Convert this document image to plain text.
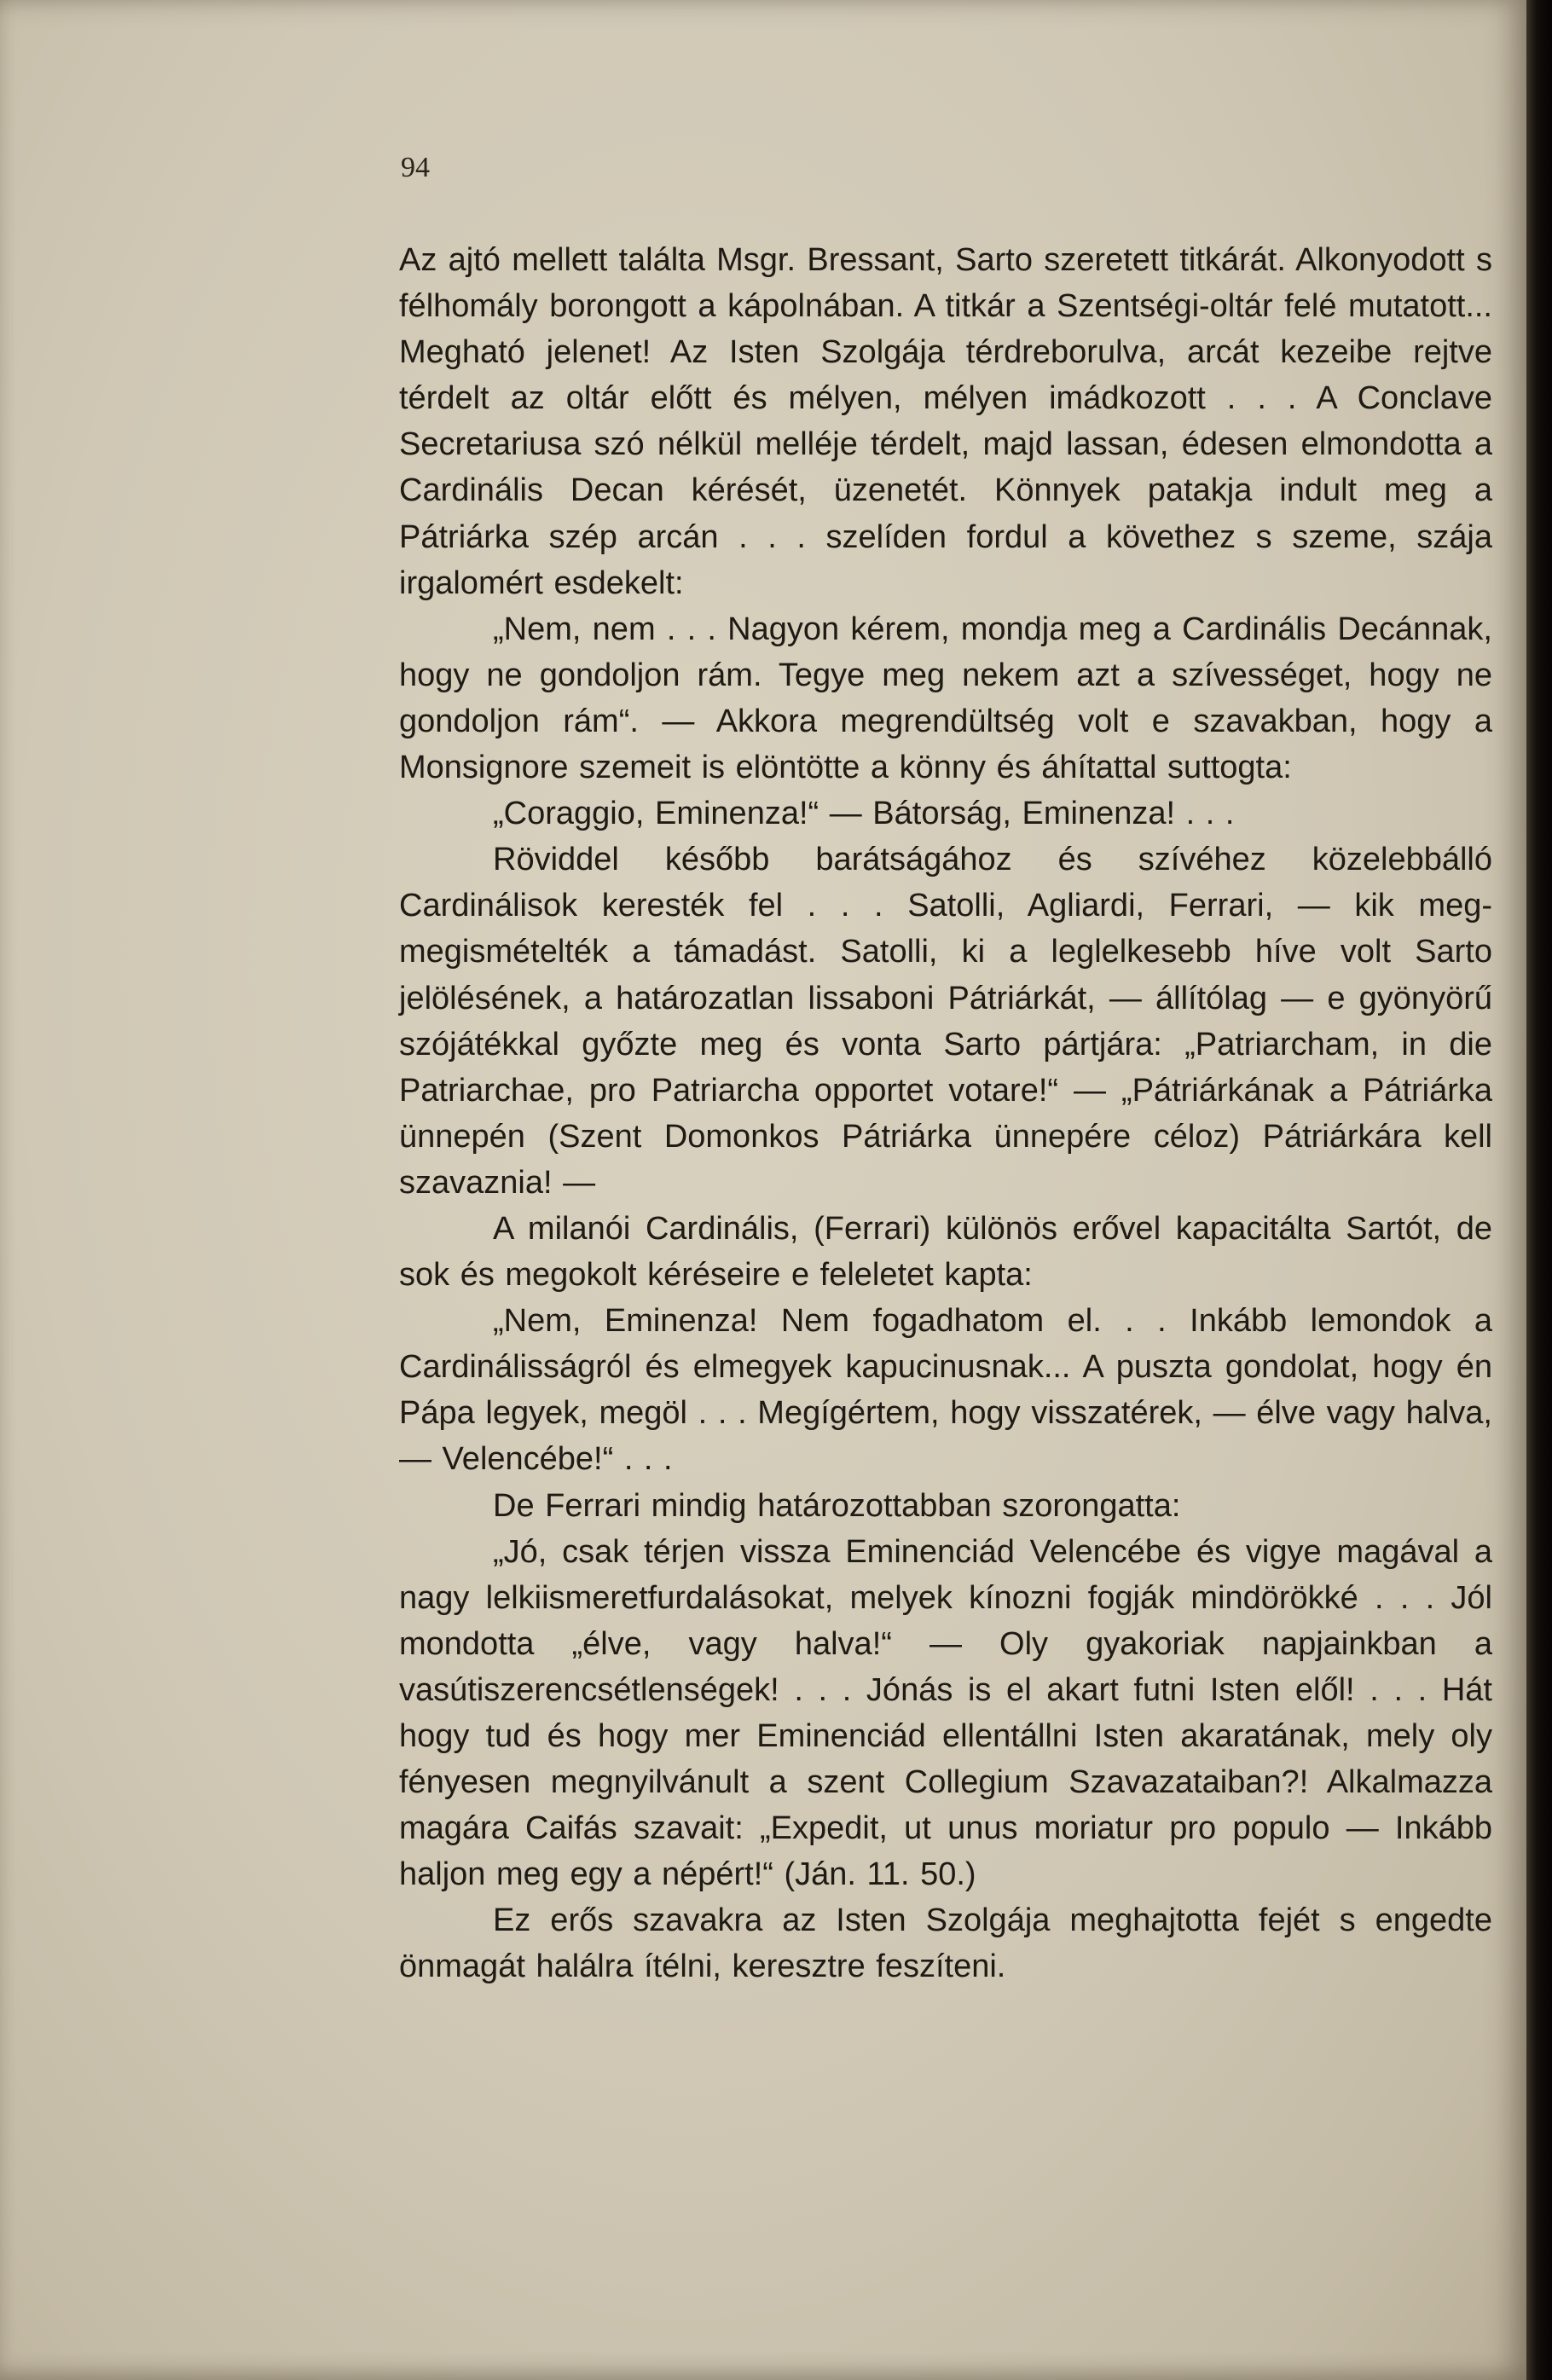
94

Az ajtó mellett találta Msgr. Bressant, Sarto szeretett titkárát. Alkonyodott s félhomály borongott a kápolnában. A titkár a Szentségi-oltár felé mutatott... Megható jelenet! Az Isten Szolgája térdreborulva, arcát kezeibe rejtve térdelt az oltár előtt és mélyen, mélyen imádkozott . . . A Conclave Secretariusa szó nélkül melléje térdelt, majd lassan, édesen elmondotta a Cardinális Decan kérését, üzenetét. Könnyek patakja indult meg a Pátriárka szép arcán . . . szelíden fordul a követhez s szeme, szája irgalomért esdekelt:

„Nem, nem . . . Nagyon kérem, mondja meg a Cardinális Decánnak, hogy ne gondoljon rám. Tegye meg nekem azt a szívességet, hogy ne gondoljon rám“. — Akkora megrendültség volt e szavakban, hogy a Monsignore szemeit is elöntötte a könny és áhítattal suttogta:

„Coraggio, Eminenza!“ — Bátorság, Eminenza! . . .

Röviddel később barátságához és szívéhez közelebbálló Cardinálisok keresték fel . . . Satolli, Agliardi, Ferrari, — kik meg-megismételték a támadást. Satolli, ki a leglelkesebb híve volt Sarto jelölésének, a határozatlan lissaboni Pátriárkát, — állítólag — e gyönyörű szójátékkal győzte meg és vonta Sarto pártjára: „Patriarcham, in die Patriarchae, pro Patriarcha opportet votare!“ — „Pátriárkának a Pátriárka ünnepén (Szent Domonkos Pátriárka ünnepére céloz) Pátriárkára kell szavaznia! —

A milanói Cardinális, (Ferrari) különös erővel kapacitálta Sartót, de sok és megokolt kéréseire e feleletet kapta:

„Nem, Eminenza! Nem fogadhatom el. . . Inkább lemondok a Cardinálisságról és elmegyek kapucinusnak... A puszta gondolat, hogy én Pápa legyek, megöl . . . Megígértem, hogy visszatérek, — élve vagy halva, — Velencébe!“ . . .

De Ferrari mindig határozottabban szorongatta:

„Jó, csak térjen vissza Eminenciád Velencébe és vigye magával a nagy lelkiismeretfurdalásokat, melyek kínozni fogják mindörökké . . . Jól mondotta „élve, vagy halva!“ — Oly gyakoriak napjainkban a vasútiszerencsétlenségek! . . . Jónás is el akart futni Isten elől! . . . Hát hogy tud és hogy mer Eminenciád ellentállni Isten akaratának, mely oly fényesen megnyilvánult a szent Collegium Szavazataiban?! Alkalmazza magára Caifás szavait: „Expedit, ut unus moriatur pro populo — Inkább haljon meg egy a népért!“ (Ján. 11. 50.)

Ez erős szavakra az Isten Szolgája meghajtotta fejét s engedte önmagát halálra ítélni, keresztre feszíteni.
